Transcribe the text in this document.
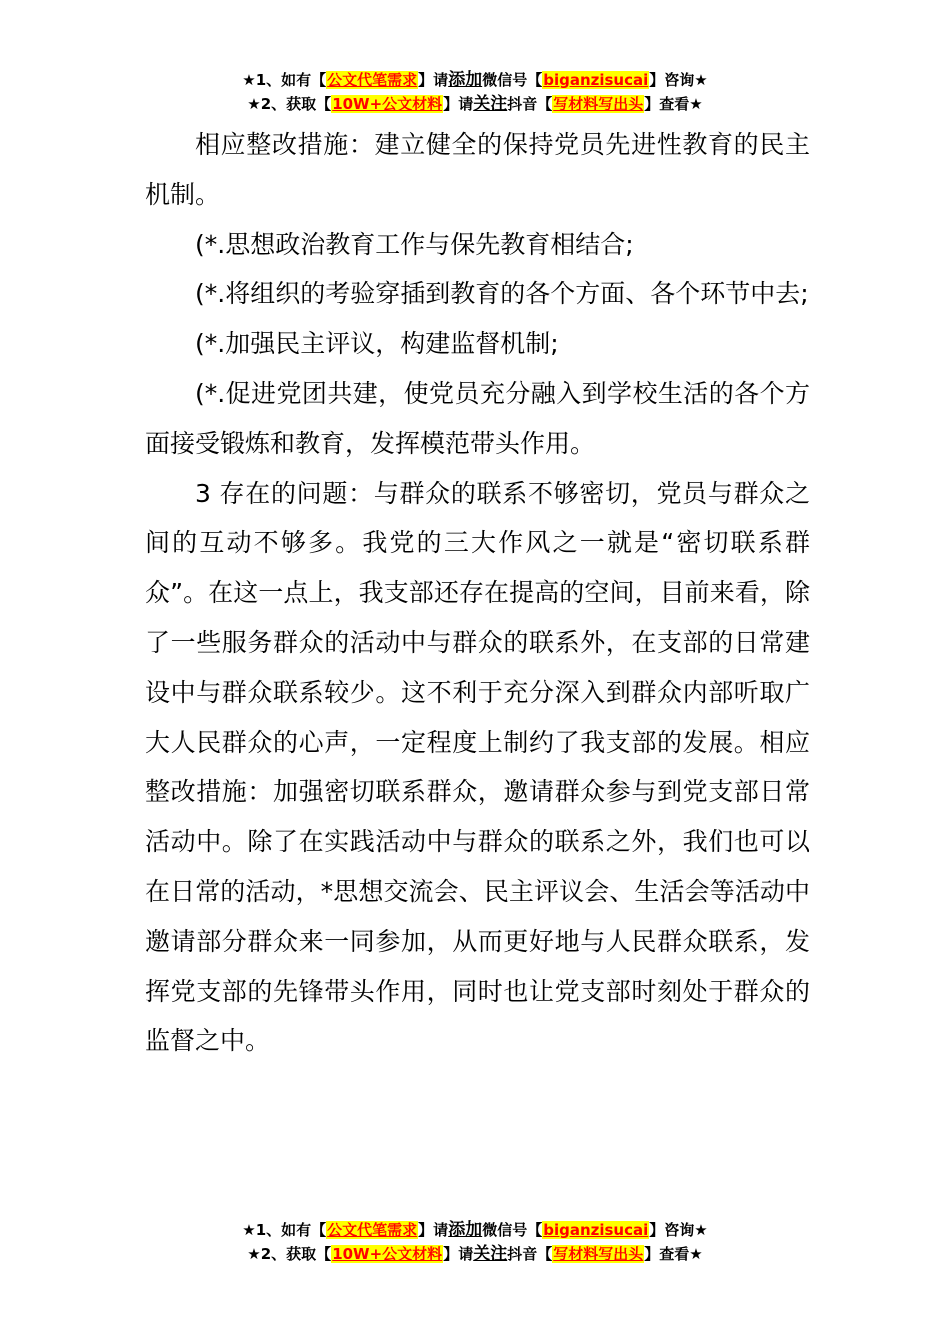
★1、如有【公文代笔需求】请添加微信号【biganzisucai】咨询★
★2、获取【10W+公文材料】请关注抖音【写材料写出头】查看★

相应整改措施：建立健全的保持党员先进性教育的民主机制。

(*.思想政治教育工作与保先教育相结合;

(*.将组织的考验穿插到教育的各个方面、各个环节中去;

(*.加强民主评议，构建监督机制;

(*.促进党团共建，使党员充分融入到学校生活的各个方面接受锻炼和教育，发挥模范带头作用。

3 存在的问题：与群众的联系不够密切，党员与群众之间的互动不够多。我党的三大作风之一就是“密切联系群众”。在这一点上，我支部还存在提高的空间，目前来看，除了一些服务群众的活动中与群众的联系外，在支部的日常建设中与群众联系较少。这不利于充分深入到群众内部听取广大人民群众的心声，一定程度上制约了我支部的发展。相应整改措施：加强密切联系群众，邀请群众参与到党支部日常活动中。除了在实践活动中与群众的联系之外，我们也可以在日常的活动，*思想交流会、民主评议会、生活会等活动中邀请部分群众来一同参加，从而更好地与人民群众联系，发挥党支部的先锋带头作用，同时也让党支部时刻处于群众的监督之中。

★1、如有【公文代笔需求】请添加微信号【biganzisucai】咨询★
★2、获取【10W+公文材料】请关注抖音【写材料写出头】查看★
